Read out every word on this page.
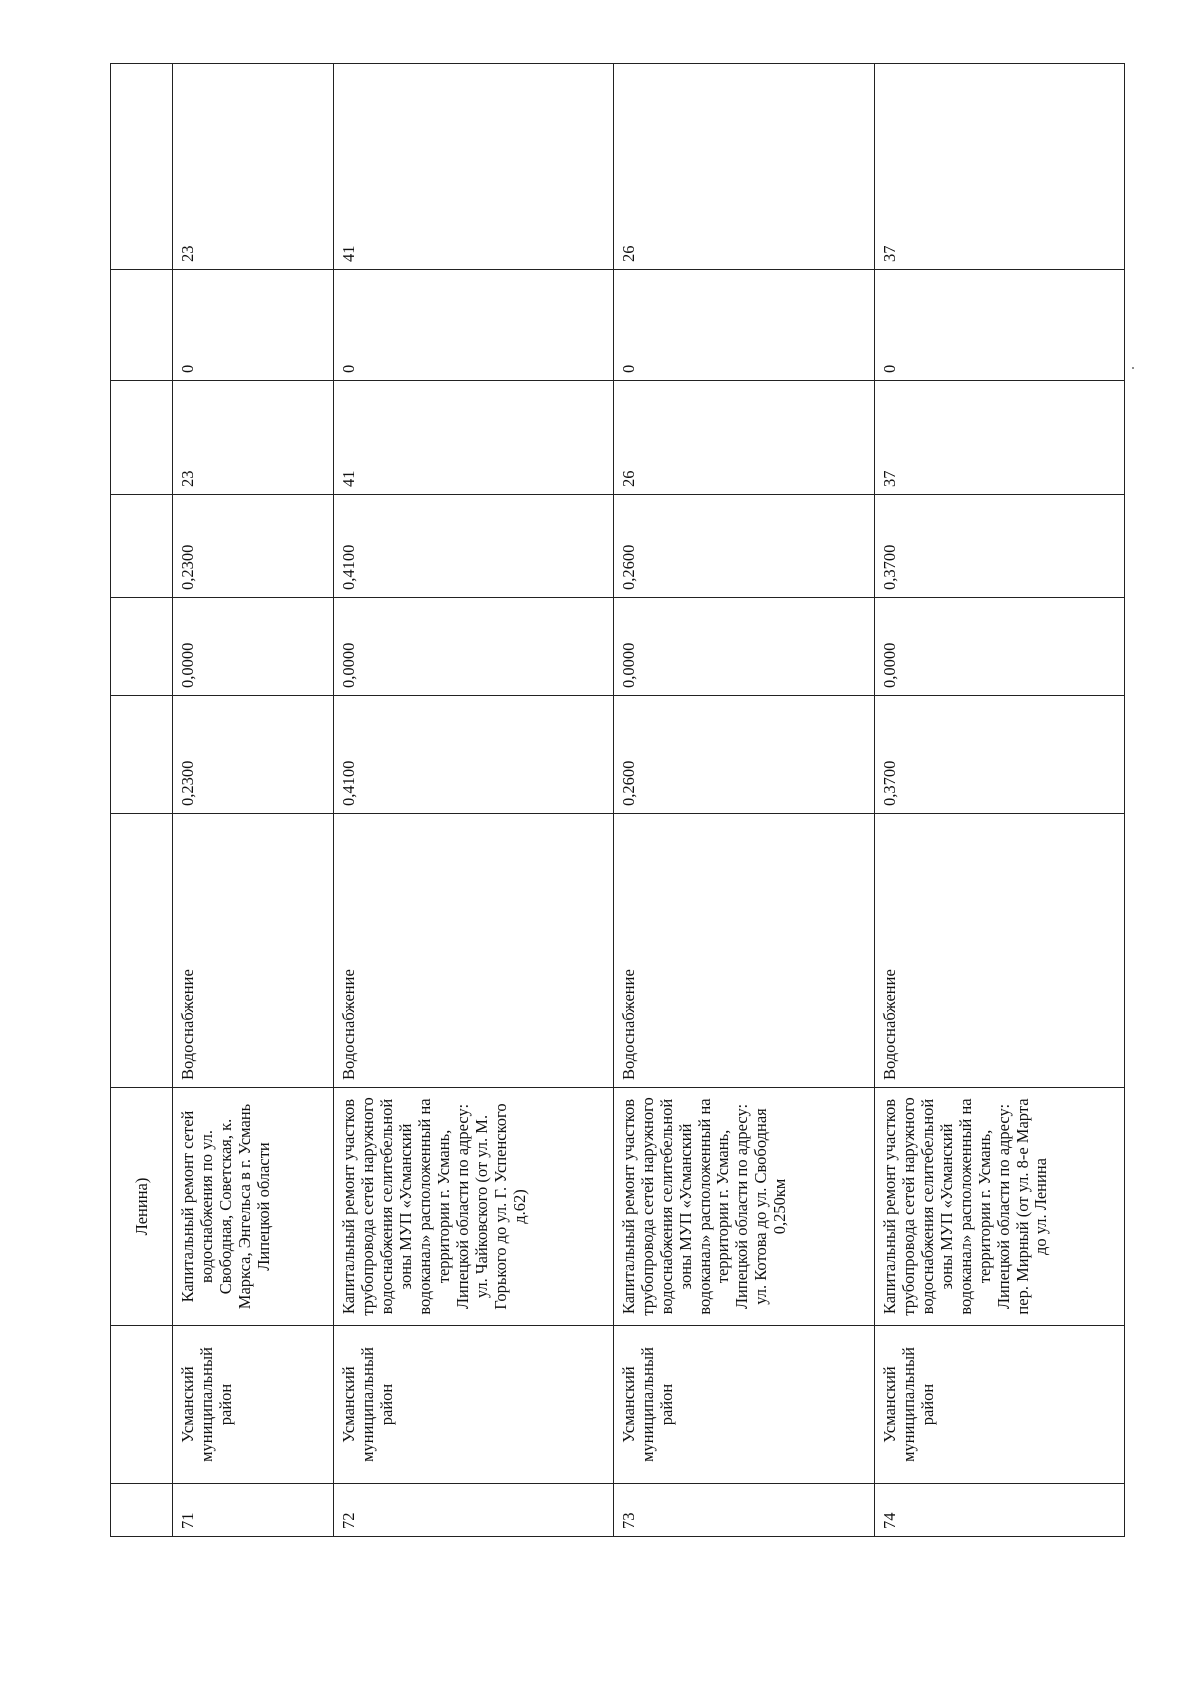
		Ленина)							
71	Усманский муниципальный район	Капитальный ремонт сетей водоснабжения по ул. Свободная, Советская, к. Маркса, Энгельса в г. Усмань Липецкой области	Водоснабжение	0,2300	0,0000	0,2300	23	0	23
72	Усманский муниципальный район	Капитальный ремонт участков трубопровода сетей наружного водоснабжения селитебельной зоны МУП «Усманский водоканал» расположенный на территории г. Усмань, Липецкой области по адресу: ул. Чайковского (от ул. М. Горького до ул. Г. Успенского д.62)	Водоснабжение	0,4100	0,0000	0,4100	41	0	41
73	Усманский муниципальный район	Капитальный ремонт участков трубопровода сетей наружного водоснабжения селитебельной зоны МУП «Усманский водоканал» расположенный на территории г. Усмань, Липецкой области по адресу: ул. Котова до ул. Свободная 0,250км	Водоснабжение	0,2600	0,0000	0,2600	26	0	26
74	Усманский муниципальный район	Капитальный ремонт участков трубопровода сетей наружного водоснабжения селитебельной зоны МУП «Усманский водоканал» расположенный на территории г. Усмань, Липецкой области по адресу: пер. Мирный (от ул. 8-е Марта до ул. Ленина	Водоснабжение	0,3700	0,0000	0,3700	37	0	37
